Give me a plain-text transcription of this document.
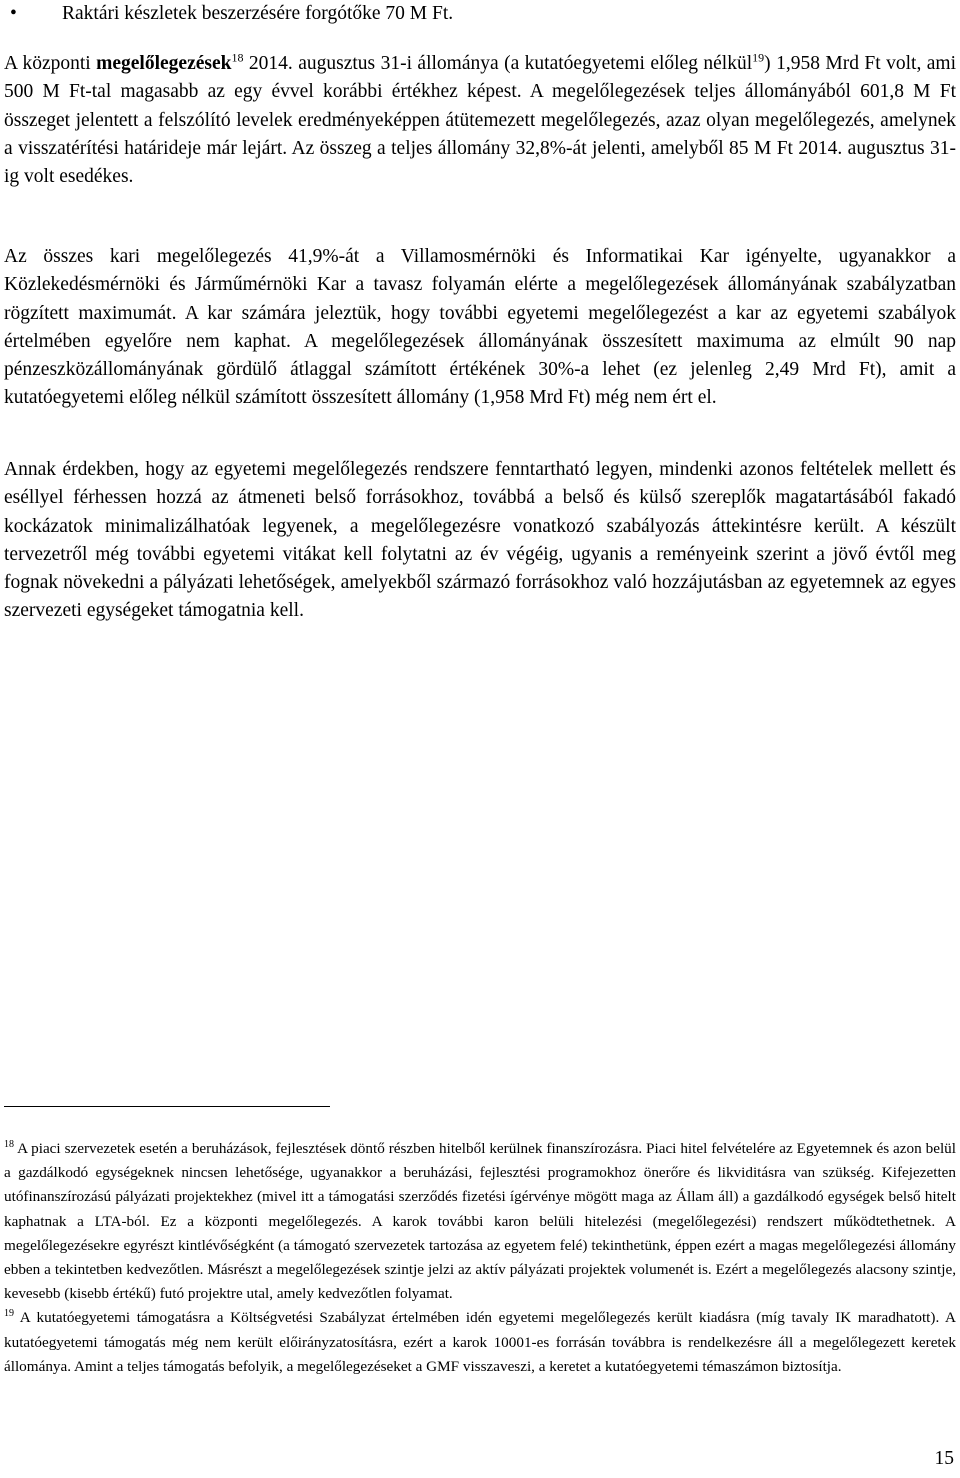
• Raktári készletek beszerzésére forgótőke 70 M Ft.
A központi megelőlegezések$^{18}$ 2014. augusztus 31-i állománya (a kutatóegyetemi előleg nélkül$^{19}$) 1,958 Mrd Ft volt, ami 500 M Ft-tal magasabb az egy évvel korábbi értékhez képest. A megelőlegezések teljes állományából 601,8 M Ft összeget jelentett a felszólító levelek eredményeképpen átütemezett megelőlegezés, azaz olyan megelőlegezés, amelynek a visszatérítési határideje már lejárt. Az összeg a teljes állomány 32,8%-át jelenti, amelyből 85 M Ft 2014. augusztus 31-ig volt esedékes.
Az összes kari megelőlegezés 41,9%-át a Villamosmérnöki és Informatikai Kar igényelte, ugyanakkor a Közlekedésmérnöki és Járműmérnöki Kar a tavasz folyamán elérte a megelőlegezések állományának szabályzatban rögzített maximumát. A kar számára jeleztük, hogy további egyetemi megelőlegezést a kar az egyetemi szabályok értelmében egyelőre nem kaphat. A megelőlegezések állományának összesített maximuma az elmúlt 90 nap pénzeszközállományának gördülő átlaggal számított értékének 30%-a lehet (ez jelenleg 2,49 Mrd Ft), amit a kutatóegyetemi előleg nélkül számított összesített állomány (1,958 Mrd Ft) még nem ért el.
Annak érdekben, hogy az egyetemi megelőlegezés rendszere fenntartható legyen, mindenki azonos feltételek mellett és eséllyel férhessen hozzá az átmeneti belső forrásokhoz, továbbá a belső és külső szereplők magatartásából fakadó kockázatok minimalizálhatóak legyenek, a megelőlegezésre vonatkozó szabályozás áttekintésre került. A készült tervezetről még további egyetemi vitákat kell folytatni az év végéig, ugyanis a reményeink szerint a jövő évtől meg fognak növekedni a pályázati lehetőségek, amelyekből származó forrásokhoz való hozzájutásban az egyetemnek az egyes szervezeti egységeket támogatnia kell.
$^{18}$ A piaci szervezetek esetén a beruházások, fejlesztések döntő részben hitelből kerülnek finanszírozásra. Piaci hitel felvételére az Egyetemnek és azon belül a gazdálkodó egységeknek nincsen lehetősége, ugyanakkor a beruházási, fejlesztési programokhoz önerőre és likviditásra van szükség. Kifejezetten utófinanszírozású pályázati projektekhez (mivel itt a támogatási szerződés fizetési ígérvénye mögött maga az Állam áll) a gazdálkodó egységek belső hitelt kaphatnak a LTA-ból. Ez a központi megelőlegezés. A karok további karon belüli hitelezési (megelőlegezési) rendszert működtethetnek. A megelőlegezésekre egyrészt kintlévőségként (a támogató szervezetek tartozása az egyetem felé) tekinthetünk, éppen ezért a magas megelőlegezési állomány ebben a tekintetben kedvezőtlen. Másrészt a megelőlegezések szintje jelzi az aktív pályázati projektek volumenét is. Ezért a megelőlegezés alacsony szintje, kevesebb (kisebb értékű) futó projektre utal, amely kedvezőtlen folyamat.
$^{19}$ A kutatóegyetemi támogatásra a Költségvetési Szabályzat értelmében idén egyetemi megelőlegezés került kiadásra (míg tavaly IK maradhatott). A kutatóegyetemi támogatás még nem került előirányzatosításra, ezért a karok 10001-es forrásán továbbra is rendelkezésre áll a megelőlegezett keretek állománya. Amint a teljes támogatás befolyik, a megelőlegezéseket a GMF visszaveszi, a keretet a kutatóegyetemi témaszámon biztosítja.
15
